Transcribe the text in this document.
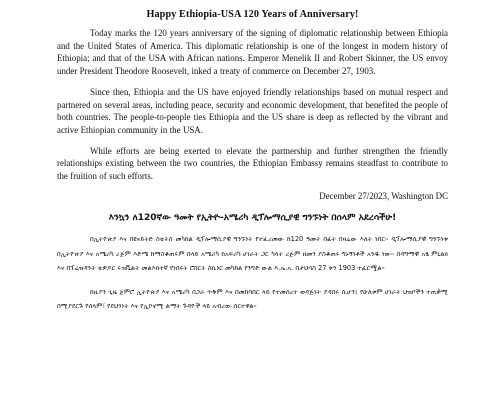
Happy Ethiopia-USA 120 Years of Anniversary!

Today marks the 120 years anniversary of the signing of diplomatic relationship between Ethiopia and the United States of America. This diplomatic relationship is one of the longest in modern history of Ethiopia; and that of the USA with African nations. Emperor Menelik II and Robert Skinner, the US envoy under President Theodore Roosevelt, inked a treaty of commerce on December 27, 1903.

Since then, Ethiopia and the US have enjoyed friendly relationships based on mutual respect and partnered on several areas, including peace, security and economic development, that benefited the people of both countries. The people-to-people ties Ethiopia and the US share is deep as reflected by the vibrant and active Ethiopian community in the USA.

While efforts are being exerted to elevate the partnership and further strengthen the friendly relationships existing between the two countries, the Ethiopian Embassy remains steadfast to contribute to the fruition of such efforts.

December 27/2023, Washington DC
እንኳን ለ120ኛው ዓመት የኢትዮ-አሜሪካ ዲፕሎማሲያዊ ግንኙነት በሰላም አደረሳችሁ!

በኢትዮጵያ እና በዩናይትድ ስቴትስ መካከል ዲፕሎማሲያዊ ግንኙነት የተፈረመው ከ120 ዓመት በፊት በዛሬው እለት ነበር። ዲፕሎማሲያዊ ግንኙነቱ በኢትዮጵያ እና አሜሪካ ረጅም እድሜ ከማስቆጠሩም በላይ አሜሪካ ከአፍሪካ ሀገራት ጋር ካላት ረጅም ዘመን ያስቆጠሩ ግኑኝነቶች አንዱ ነው። በዳግማዊ አፄ ምኒልክ እና በፕሬዝዳንት ቴዎዶር ሩዝቬልት መልእክተኛ የነበሩት ሮበርት ስኪነር መካከል የንግድ ውል እ.ኤ.አ. በታህሳስ 27 ቀን 1903 ተፈርሟል።

ከዚያን ጊዜ ጀምሮ ኢትዮጵያ እና አሜሪካ በጋራ ጥቅም እና በመከባበር ላይ የተመሰረተ ወዳጅነት ያዳበሩ ሲሆን፤ የሁለቱም ሀገራት ህዝቦችን ተጠቃሚ በሚያደርጉ የሰላም፣ የደህንነት እና የኢኮኖሚ ልማት ጉዳዮች ላይ አብረው ሰርተዋል።
